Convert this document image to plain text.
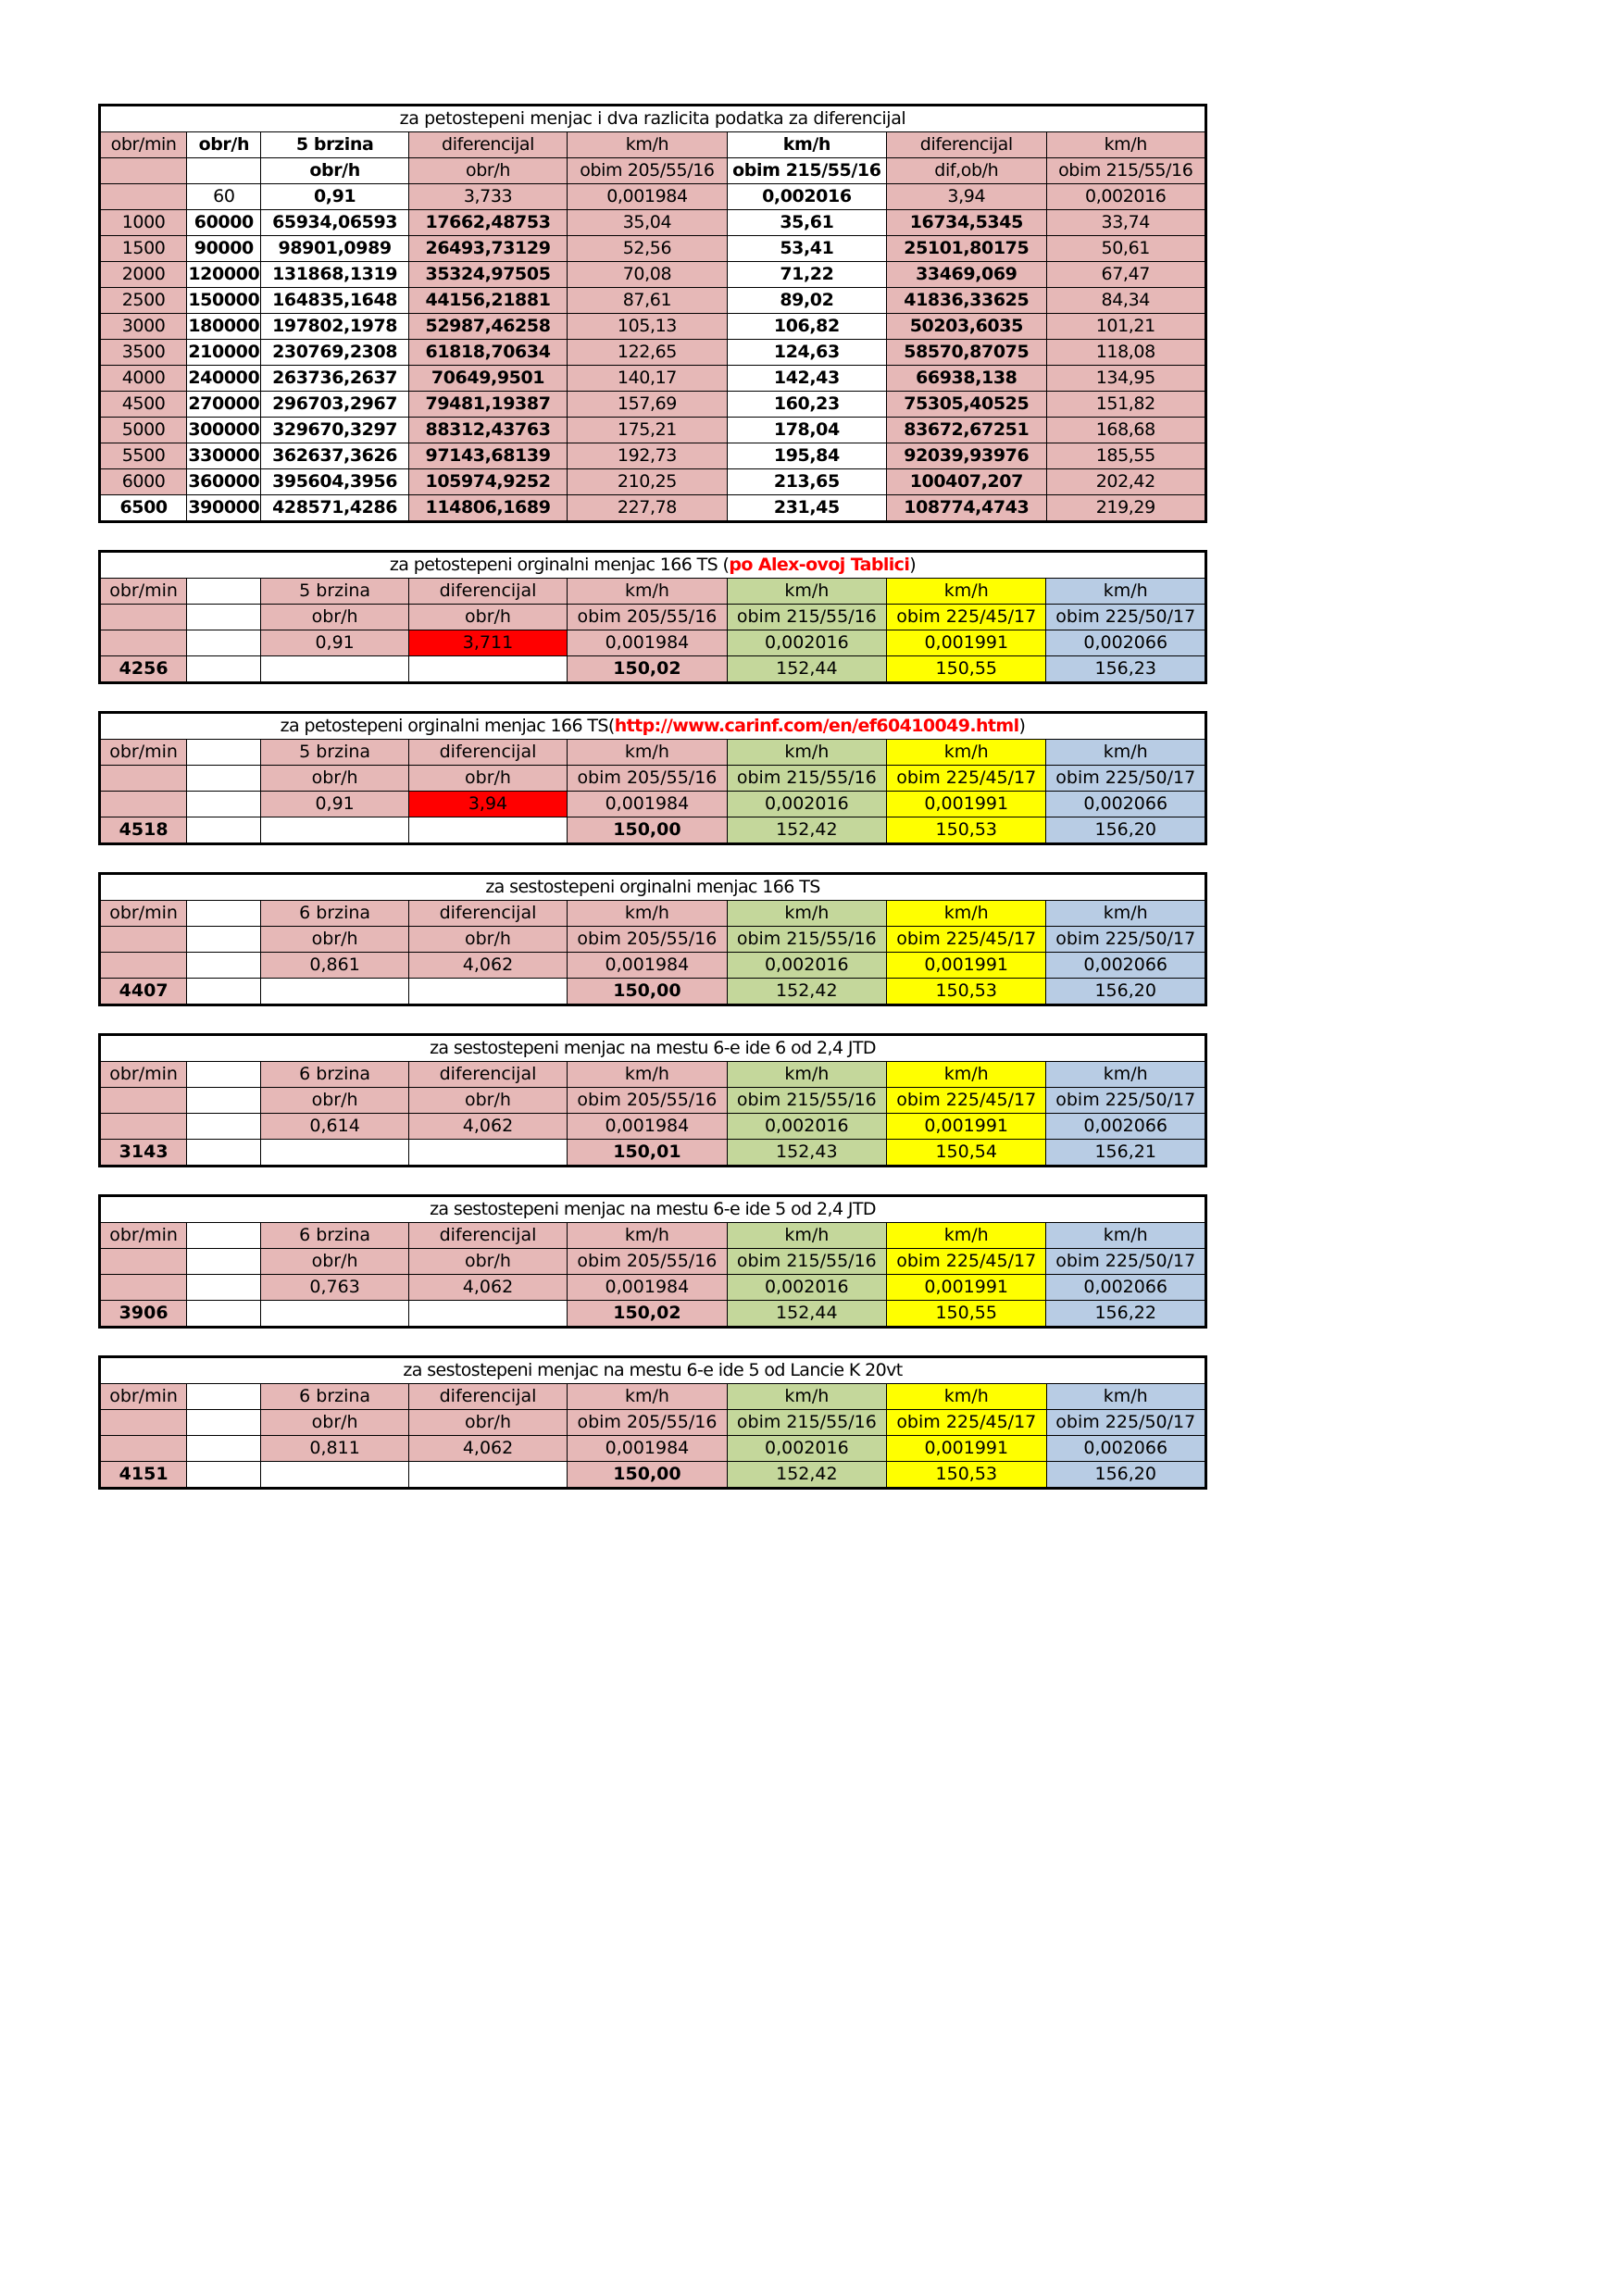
za petostepeni menjac i dva razlicita podatka za diferencijal							
obr/min	obr/h	5 brzina	diferencijal	km/h	km/h	diferencijal	km/h
		obr/h	obr/h	obim 205/55/16	obim 215/55/16	dif,ob/h	obim 215/55/16
	60	0,91	3,733	0,001984	0,002016	3,94	0,002016
1000	60000	65934,06593	17662,48753	35,04	35,61	16734,5345	33,74
1500	90000	98901,0989	26493,73129	52,56	53,41	25101,80175	50,61
2000	120000	131868,1319	35324,97505	70,08	71,22	33469,069	67,47
2500	150000	164835,1648	44156,21881	87,61	89,02	41836,33625	84,34
3000	180000	197802,1978	52987,46258	105,13	106,82	50203,6035	101,21
3500	210000	230769,2308	61818,70634	122,65	124,63	58570,87075	118,08
4000	240000	263736,2637	70649,9501	140,17	142,43	66938,138	134,95
4500	270000	296703,2967	79481,19387	157,69	160,23	75305,40525	151,82
5000	300000	329670,3297	88312,43763	175,21	178,04	83672,67251	168,68
5500	330000	362637,3626	97143,68139	192,73	195,84	92039,93976	185,55
6000	360000	395604,3956	105974,9252	210,25	213,65	100407,207	202,42
6500	390000	428571,4286	114806,1689	227,78	231,45	108774,4743	219,29
za petostepeni orginalni menjac 166 TS (po Alex-ovoj Tablici)							
obr/min		5 brzina	diferencijal	km/h	km/h	km/h	km/h
		obr/h	obr/h	obim 205/55/16	obim 215/55/16	obim 225/45/17	obim 225/50/17
		0,91	3,711	0,001984	0,002016	0,001991	0,002066
4256				150,02	152,44	150,55	156,23
za petostepeni orginalni menjac 166 TS(http://www.carinf.com/en/ef60410049.html)							
obr/min		5 brzina	diferencijal	km/h	km/h	km/h	km/h
		obr/h	obr/h	obim 205/55/16	obim 215/55/16	obim 225/45/17	obim 225/50/17
		0,91	3,94	0,001984	0,002016	0,001991	0,002066
4518				150,00	152,42	150,53	156,20
za sestostepeni orginalni menjac 166 TS							
obr/min		6 brzina	diferencijal	km/h	km/h	km/h	km/h
		obr/h	obr/h	obim 205/55/16	obim 215/55/16	obim 225/45/17	obim 225/50/17
		0,861	4,062	0,001984	0,002016	0,001991	0,002066
4407				150,00	152,42	150,53	156,20
za sestostepeni menjac na mestu 6-e ide 6 od 2,4 JTD							
obr/min		6 brzina	diferencijal	km/h	km/h	km/h	km/h
		obr/h	obr/h	obim 205/55/16	obim 215/55/16	obim 225/45/17	obim 225/50/17
		0,614	4,062	0,001984	0,002016	0,001991	0,002066
3143				150,01	152,43	150,54	156,21
za sestostepeni menjac na mestu 6-e ide 5 od 2,4 JTD							
obr/min		6 brzina	diferencijal	km/h	km/h	km/h	km/h
		obr/h	obr/h	obim 205/55/16	obim 215/55/16	obim 225/45/17	obim 225/50/17
		0,763	4,062	0,001984	0,002016	0,001991	0,002066
3906				150,02	152,44	150,55	156,22
za sestostepeni menjac na mestu 6-e ide 5 od Lancie K 20vt							
obr/min		6 brzina	diferencijal	km/h	km/h	km/h	km/h
		obr/h	obr/h	obim 205/55/16	obim 215/55/16	obim 225/45/17	obim 225/50/17
		0,811	4,062	0,001984	0,002016	0,001991	0,002066
4151				150,00	152,42	150,53	156,20
